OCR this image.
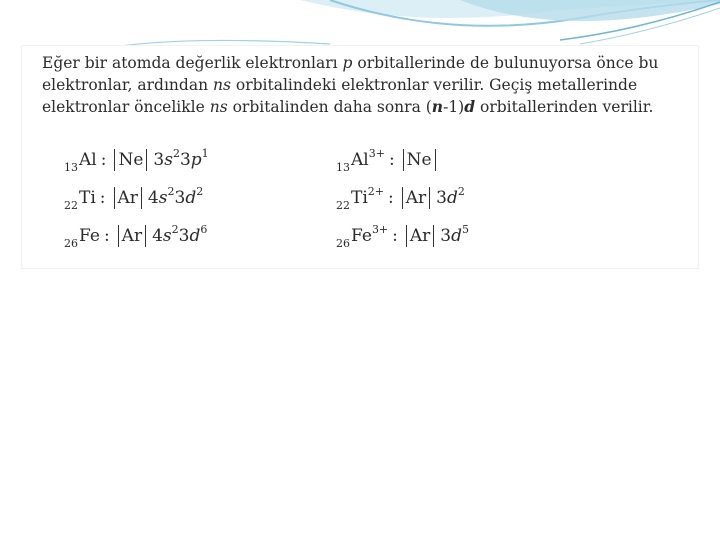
Eğer bir atomda değerlik elektronları p orbitallerinde de bulunuyorsa önce bu elektronlar, ardından ns orbitalindeki elektronlar verilir. Geçiş metallerinde elektronlar öncelikle ns orbitalinden daha sonra (n-1)d orbitallerinden verilir.

$_{13}$Al : Ne $3s^23p^1$
$_{22}$Ti : Ar $4s^23d^2$
$_{26}$Fe : Ar $4s^23d^6$
$_{13}Al^{3+}$ : Ne
$_{22}Ti^{2+}$ : Ar $3d^2$
$_{26}Fe^{3+}$ : Ar $3d^5$
